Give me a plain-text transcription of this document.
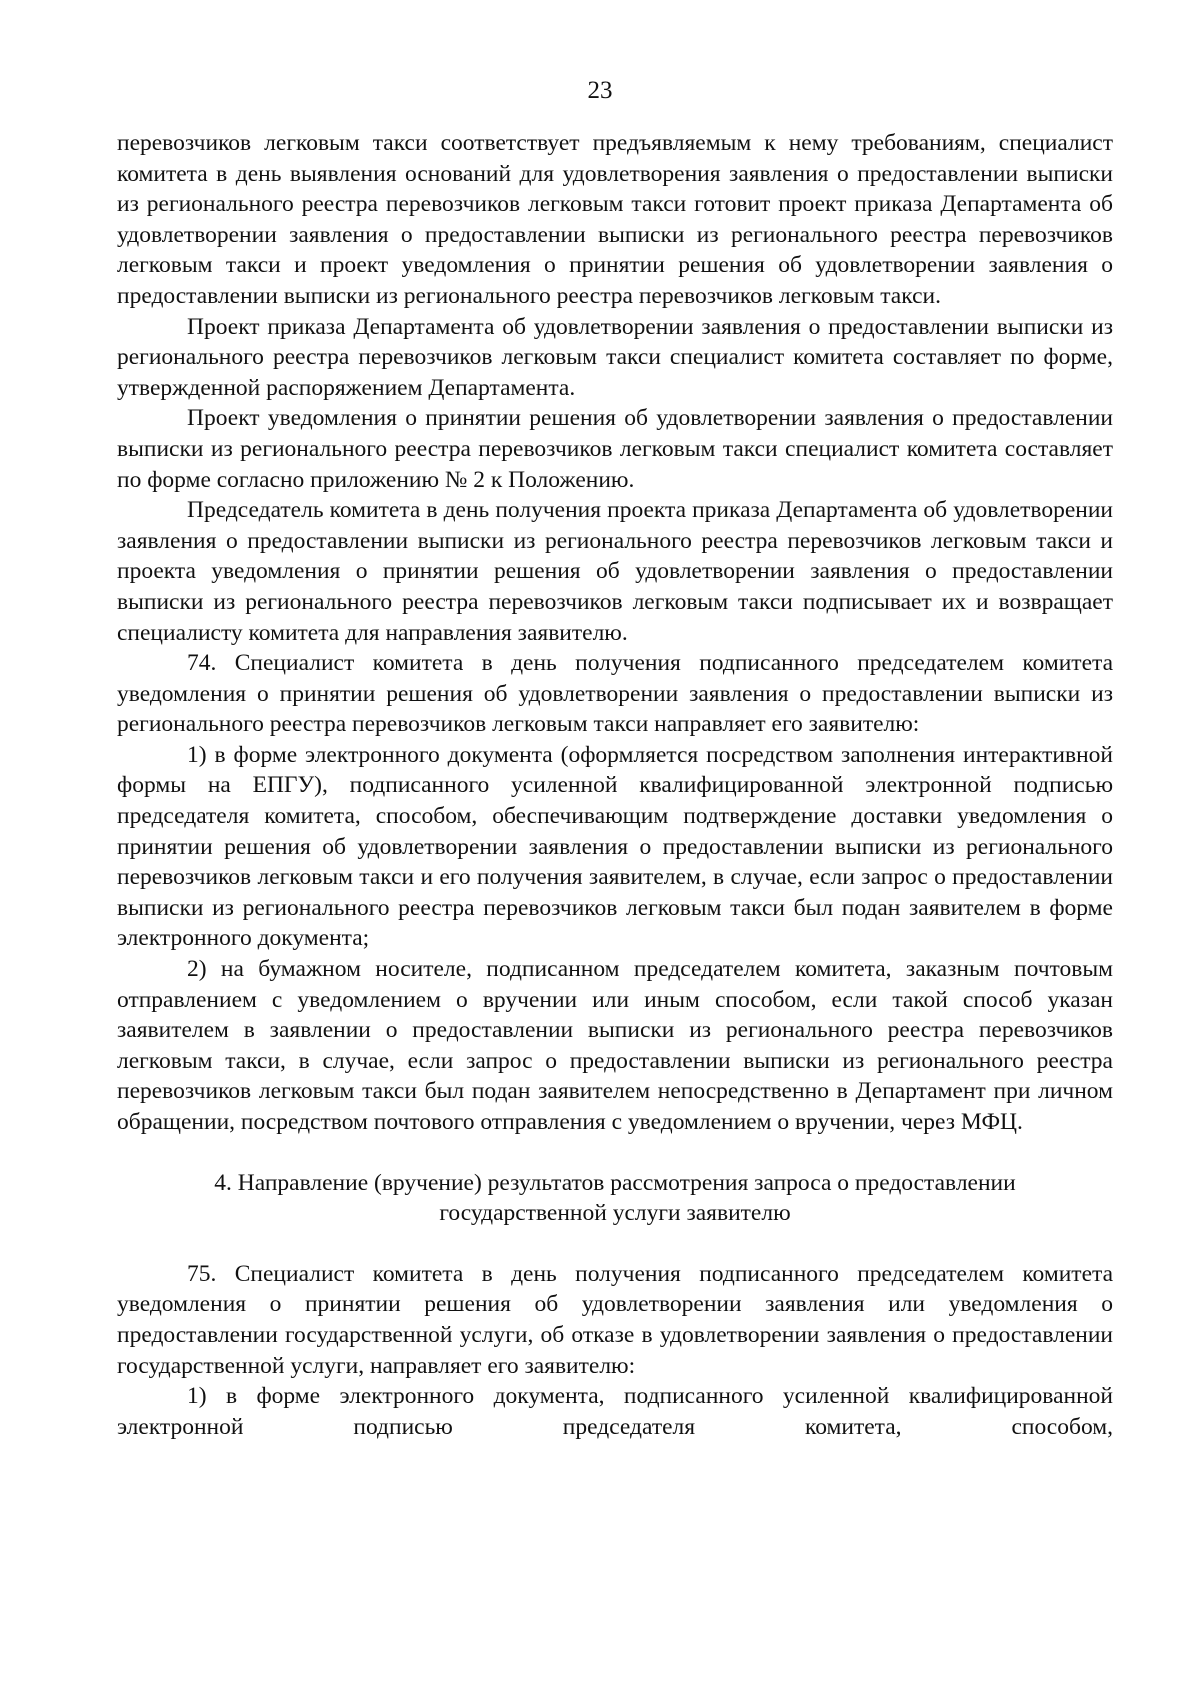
23

перевозчиков легковым такси соответствует предъявляемым к нему требованиям, специалист комитета в день выявления оснований для удовлетворения заявления о предоставлении выписки из регионального реестра перевозчиков легковым такси готовит проект приказа Департамента об удовлетворении заявления о предоставлении выписки из регионального реестра перевозчиков легковым такси и проект уведомления о принятии решения об удовлетворении заявления о предоставлении выписки из регионального реестра перевозчиков легковым такси.

Проект приказа Департамента об удовлетворении заявления о предоставлении выписки из регионального реестра перевозчиков легковым такси специалист комитета составляет по форме, утвержденной распоряжением Департамента.

Проект уведомления о принятии решения об удовлетворении заявления о предоставлении выписки из регионального реестра перевозчиков легковым такси специалист комитета составляет по форме согласно приложению № 2 к Положению.

Председатель комитета в день получения проекта приказа Департамента об удовлетворении заявления о предоставлении выписки из регионального реестра перевозчиков легковым такси и проекта уведомления о принятии решения об удовлетворении заявления о предоставлении выписки из регионального реестра перевозчиков легковым такси подписывает их и возвращает специалисту комитета для направления заявителю.

74. Специалист комитета в день получения подписанного председателем комитета уведомления о принятии решения об удовлетворении заявления о предоставлении выписки из регионального реестра перевозчиков легковым такси направляет его заявителю:

1) в форме электронного документа (оформляется посредством заполнения интерактивной формы на ЕПГУ), подписанного усиленной квалифицированной электронной подписью председателя комитета, способом, обеспечивающим подтверждение доставки уведомления о принятии решения об удовлетворении заявления о предоставлении выписки из регионального перевозчиков легковым такси и его получения заявителем, в случае, если запрос о предоставлении выписки из регионального реестра перевозчиков легковым такси был подан заявителем в форме электронного документа;

2) на бумажном носителе, подписанном председателем комитета, заказным почтовым отправлением с уведомлением о вручении или иным способом, если такой способ указан заявителем в заявлении о предоставлении выписки из регионального реестра перевозчиков легковым такси, в случае, если запрос о предоставлении выписки из регионального реестра перевозчиков легковым такси был подан заявителем непосредственно в Департамент при личном обращении, посредством почтового отправления с уведомлением о вручении, через МФЦ.

4. Направление (вручение) результатов рассмотрения запроса о предоставлении
государственной услуги заявителю

75. Специалист комитета в день получения подписанного председателем комитета уведомления о принятии решения об удовлетворении заявления или уведомления о предоставлении государственной услуги, об отказе в удовлетворении заявления о предоставлении государственной услуги, направляет его заявителю:

1) в форме электронного документа, подписанного усиленной квалифицированной электронной подписью председателя комитета, способом,
